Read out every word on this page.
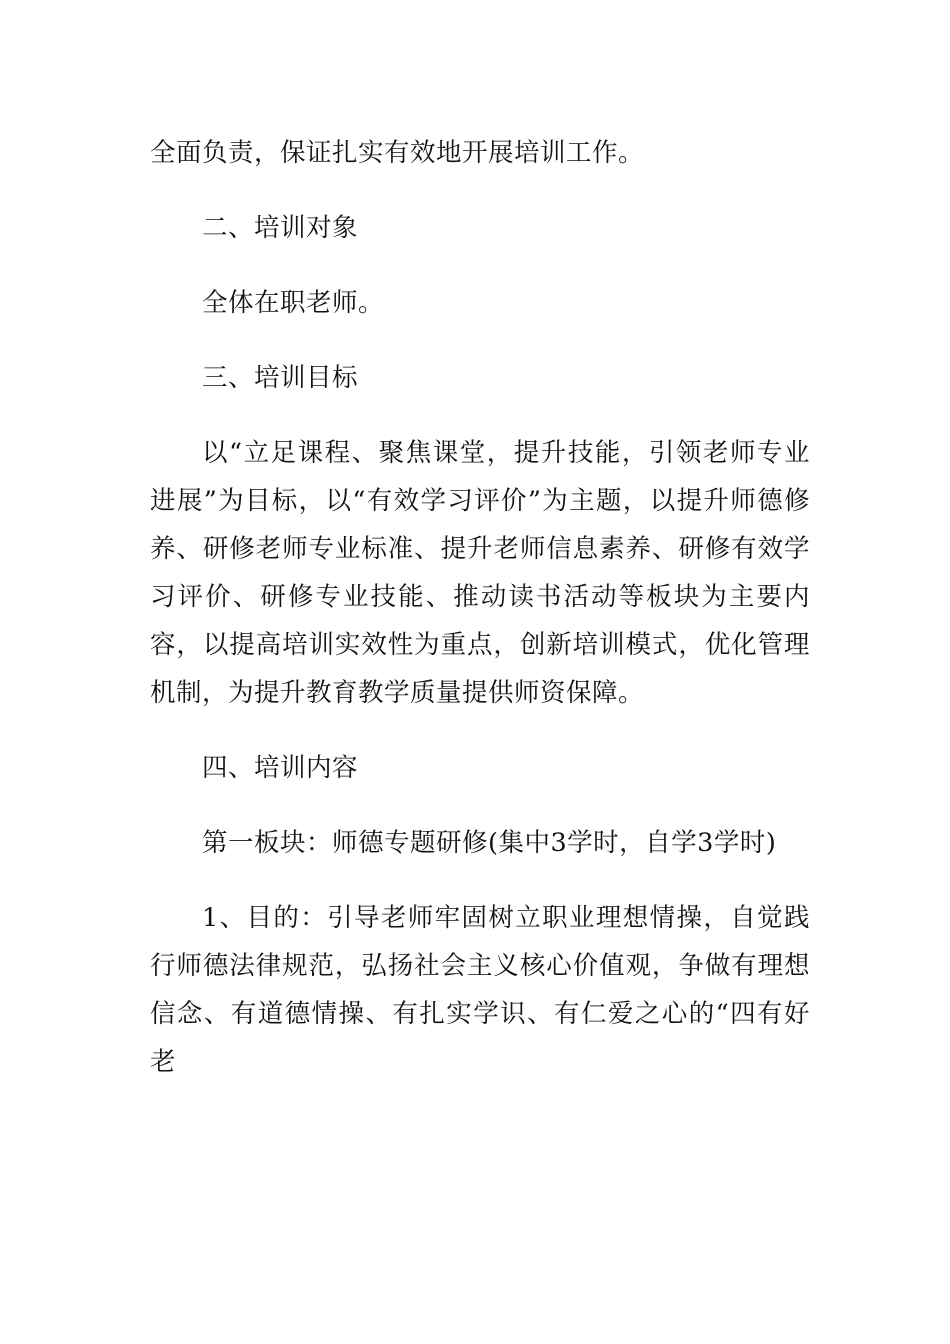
全面负责，保证扎实有效地开展培训工作。

二、培训对象

全体在职老师。

三、培训目标

以“立足课程、聚焦课堂，提升技能，引领老师专业进展”为目标，以“有效学习评价”为主题，以提升师德修养、研修老师专业标准、提升老师信息素养、研修有效学习评价、研修专业技能、推动读书活动等板块为主要内容，以提高培训实效性为重点，创新培训模式，优化管理机制，为提升教育教学质量提供师资保障。

四、培训内容

第一板块：师德专题研修(集中3学时，自学3学时)

1、目的：引导老师牢固树立职业理想情操，自觉践行师德法律规范，弘扬社会主义核心价值观，争做有理想信念、有道德情操、有扎实学识、有仁爱之心的“四有好老
